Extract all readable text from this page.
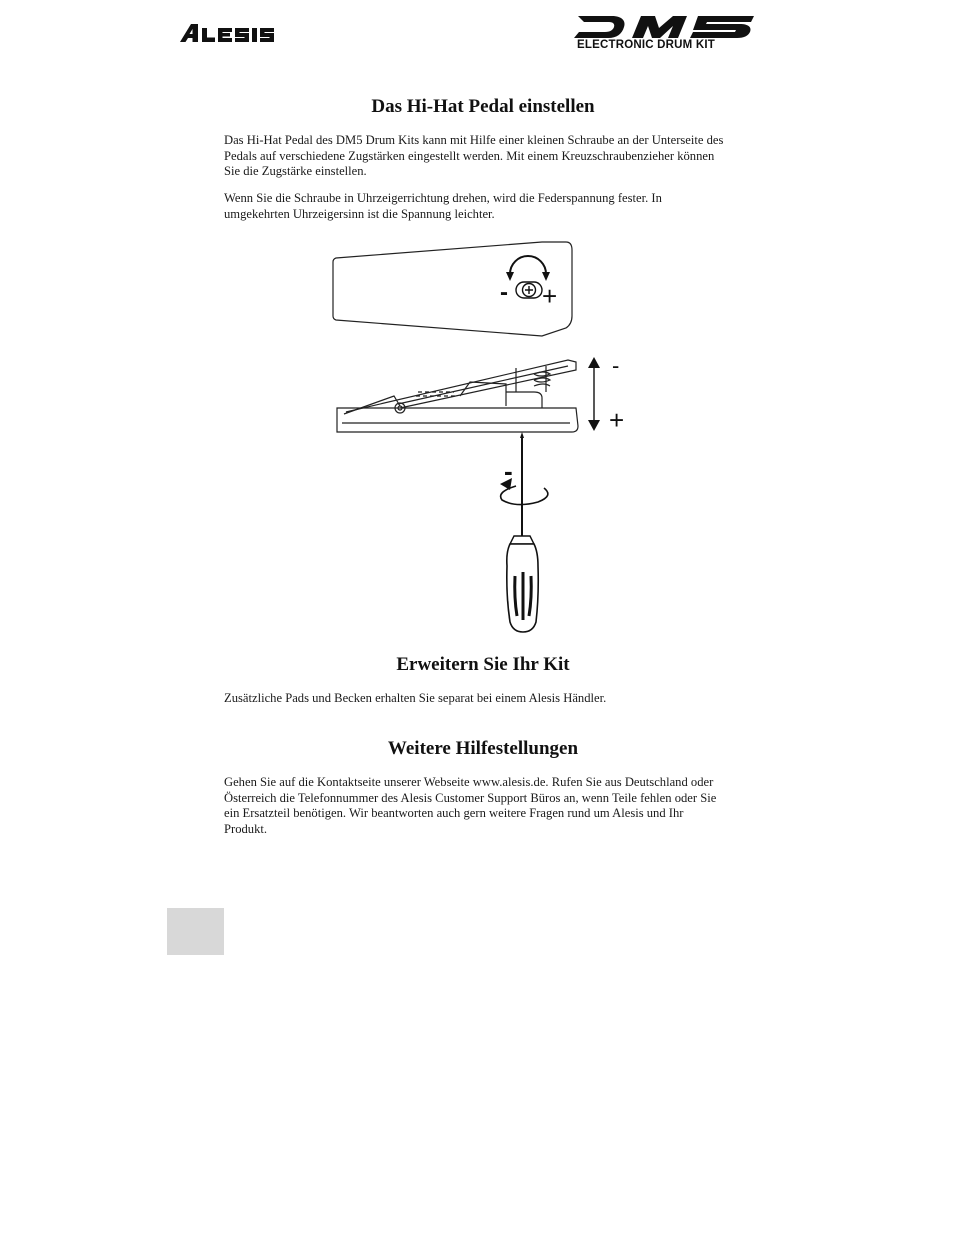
ELECTRONIC DRUM KIT
Das Hi-Hat Pedal einstellen

Das Hi-Hat Pedal des DM5 Drum Kits kann mit Hilfe einer kleinen Schraube an der Unterseite des Pedals auf verschiedene Zugstärken eingestellt werden. Mit einem Kreuzschraubenzieher können Sie die Zugstärke einstellen.

Wenn Sie die Schraube in Uhrzeigerrichtung drehen, wird die Federspannung fester. In umgekehrten Uhrzeigersinn ist die Spannung leichter.

- +
-
+
-
Erweitern Sie Ihr Kit

Zusätzliche Pads und Becken erhalten Sie separat bei einem Alesis Händler.

Weitere Hilfestellungen

Gehen Sie auf die Kontaktseite unserer Webseite www.alesis.de. Rufen Sie aus Deutschland oder Österreich die Telefonnummer des Alesis Customer Support Büros an, wenn Teile fehlen oder Sie ein Ersatzteil benötigen. Wir beantworten auch gern weitere Fragen rund um Alesis und Ihr Produkt.
